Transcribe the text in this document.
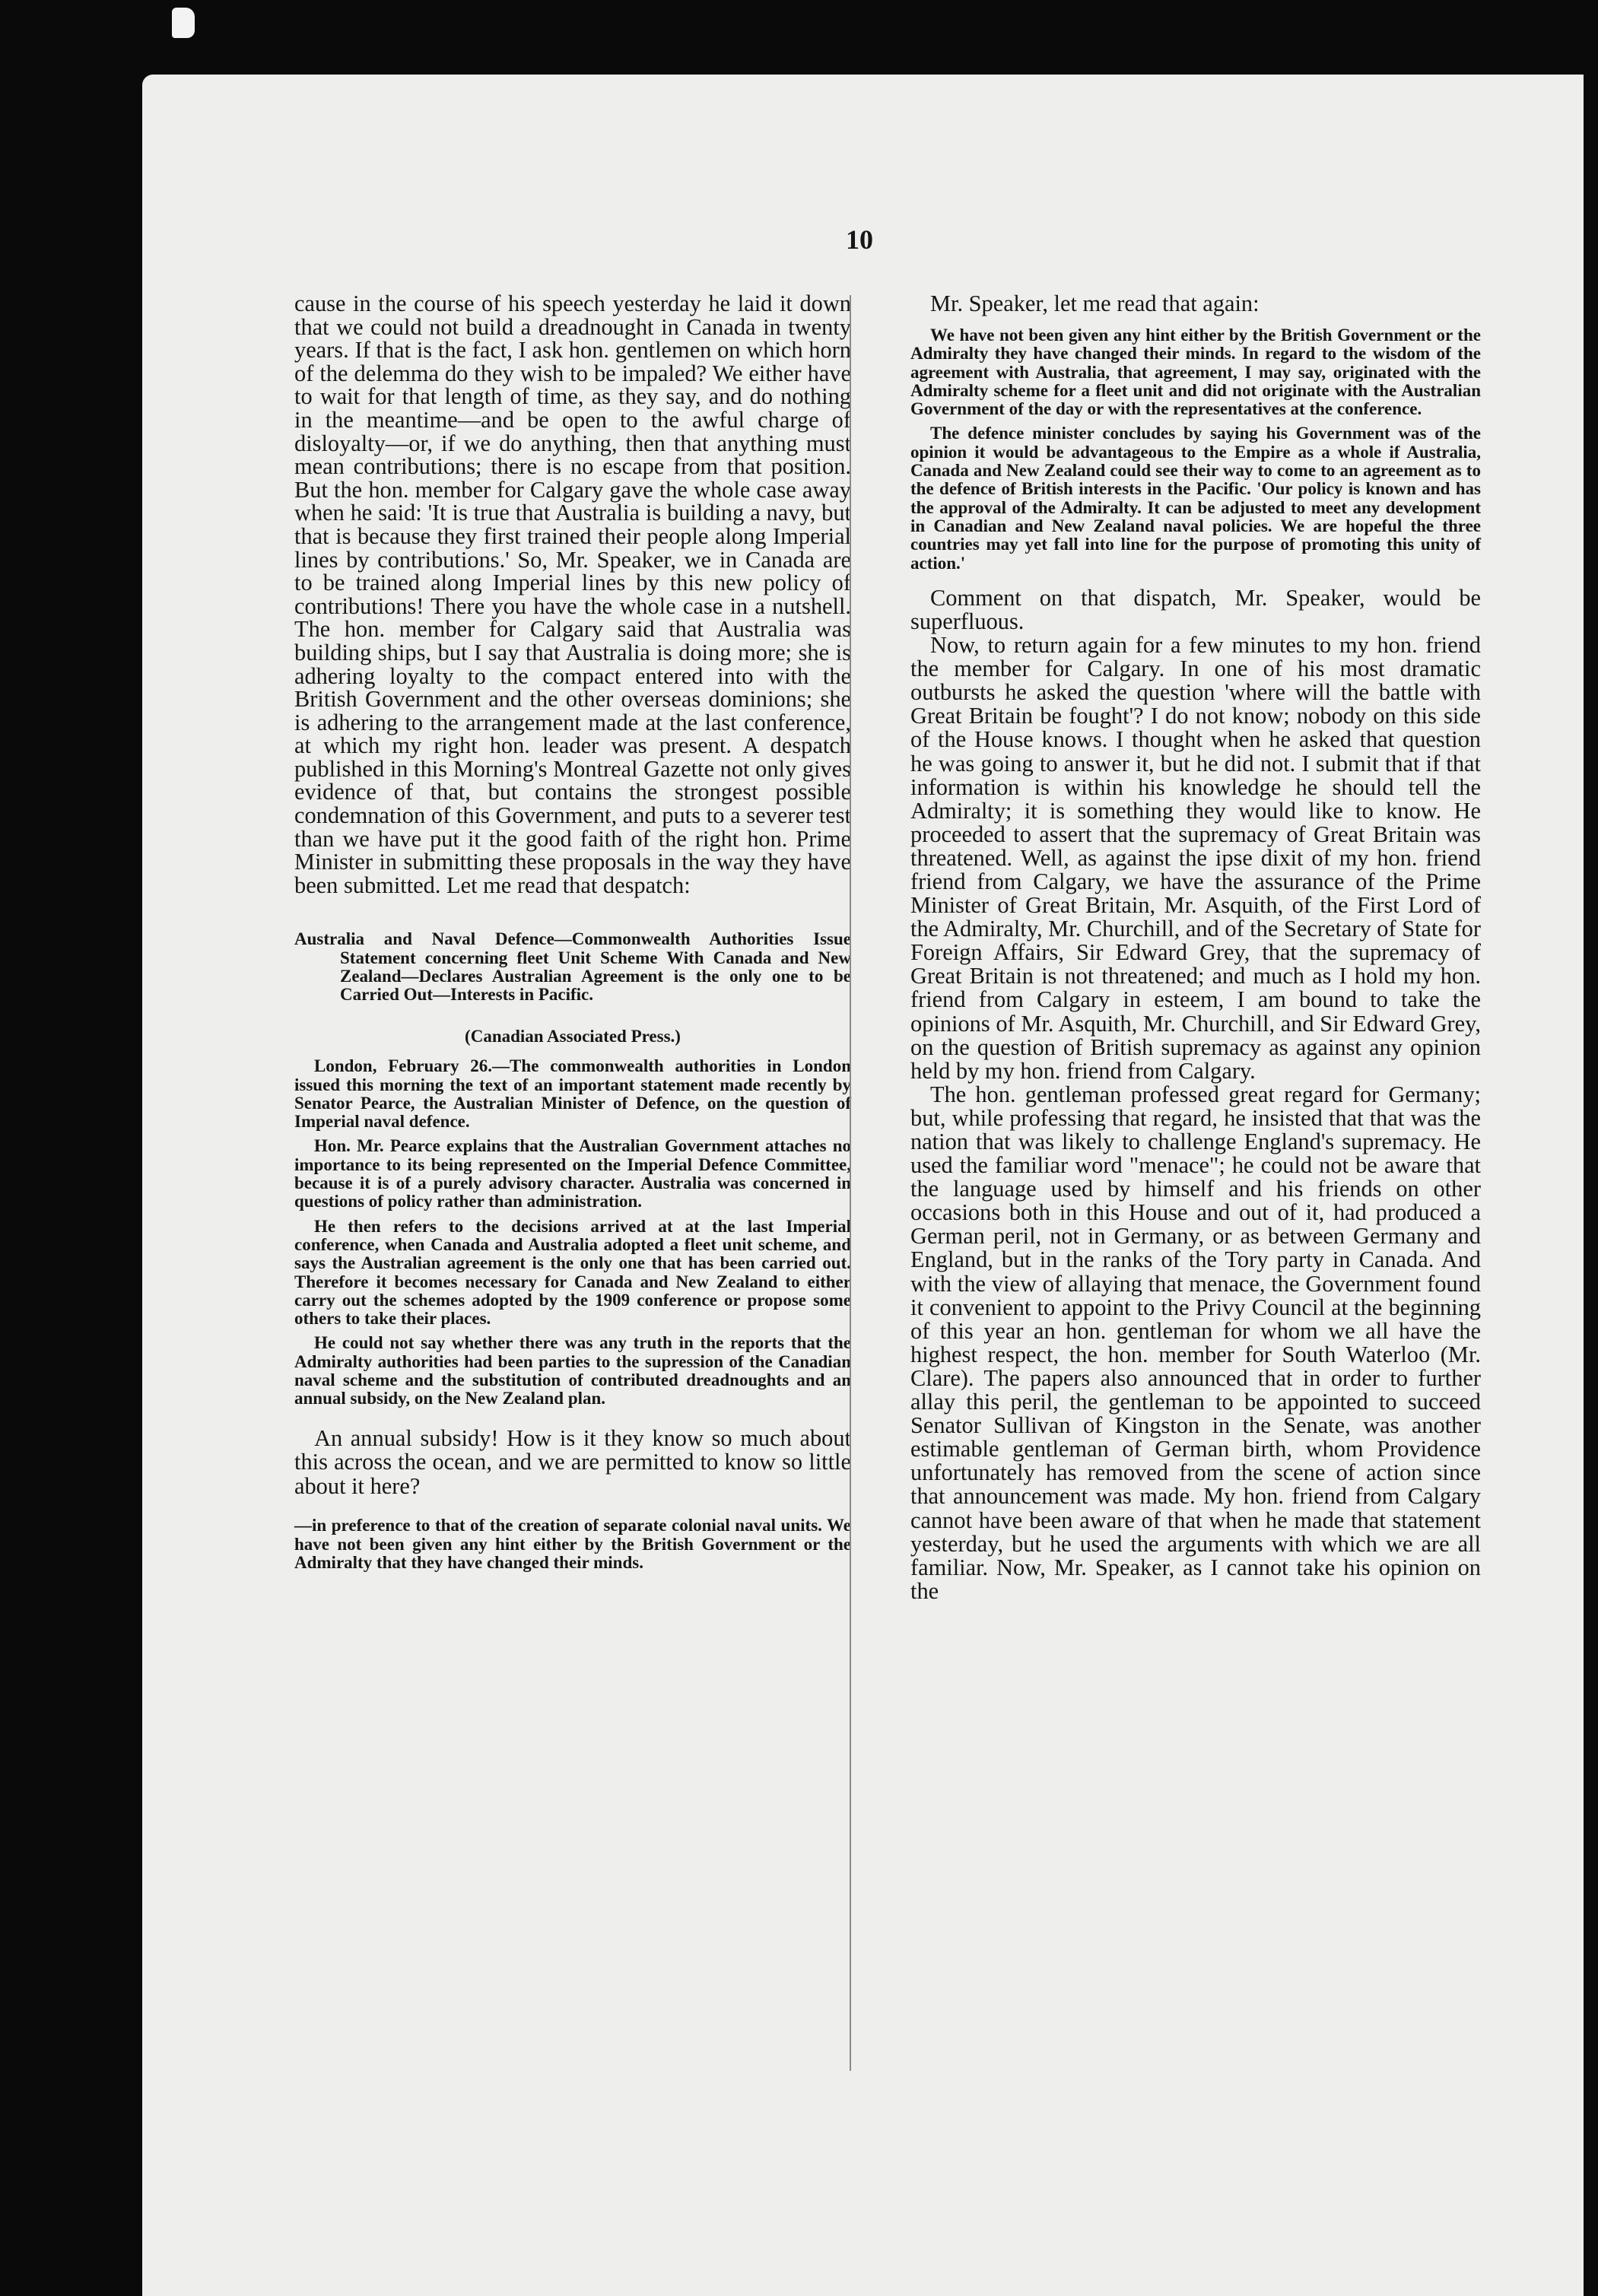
10

cause in the course of his speech yesterday he laid it down that we could not build a dreadnought in Canada in twenty years. If that is the fact, I ask hon. gentlemen on which horn of the delemma do they wish to be impaled? We either have to wait for that length of time, as they say, and do nothing in the meantime—and be open to the awful charge of disloyalty—or, if we do anything, then that anything must mean contributions; there is no escape from that position. But the hon. member for Calgary gave the whole case away when he said: 'It is true that Australia is building a navy, but that is because they first trained their people along Imperial lines by contributions.' So, Mr. Speaker, we in Canada are to be trained along Imperial lines by this new policy of contributions! There you have the whole case in a nutshell. The hon. member for Calgary said that Australia was building ships, but I say that Australia is doing more; she is adhering loyalty to the compact entered into with the British Government and the other overseas dominions; she is adhering to the arrangement made at the last conference, at which my right hon. leader was present. A despatch published in this Morning's Montreal Gazette not only gives evidence of that, but contains the strongest possible condemnation of this Government, and puts to a severer test than we have put it the good faith of the right hon. Prime Minister in submitting these proposals in the way they have been submitted. Let me read that despatch:

Australia and Naval Defence—Commonwealth Authorities Issue Statement concerning fleet Unit Scheme With Canada and New Zealand—Declares Australian Agreement is the only one to be Carried Out—Interests in Pacific.

(Canadian Associated Press.)

London, February 26.—The commonwealth authorities in London issued this morning the text of an important statement made recently by Senator Pearce, the Australian Minister of Defence, on the question of Imperial naval defence.

Hon. Mr. Pearce explains that the Australian Government attaches no importance to its being represented on the Imperial Defence Committee, because it is of a purely advisory character. Australia was concerned in questions of policy rather than administration.

He then refers to the decisions arrived at at the last Imperial conference, when Canada and Australia adopted a fleet unit scheme, and says the Australian agreement is the only one that has been carried out. Therefore it becomes necessary for Canada and New Zealand to either carry out the schemes adopted by the 1909 conference or propose some others to take their places.

He could not say whether there was any truth in the reports that the Admiralty authorities had been parties to the supression of the Canadian naval scheme and the substitution of contributed dreadnoughts and an annual subsidy, on the New Zealand plan.

An annual subsidy! How is it they know so much about this across the ocean, and we are permitted to know so little about it here?

—in preference to that of the creation of separate colonial naval units. We have not been given any hint either by the British Government or the Admiralty that they have changed their minds.

Mr. Speaker, let me read that again:

We have not been given any hint either by the British Government or the Admiralty they have changed their minds. In regard to the wisdom of the agreement with Australia, that agreement, I may say, originated with the Admiralty scheme for a fleet unit and did not originate with the Australian Government of the day or with the representatives at the conference.

The defence minister concludes by saying his Government was of the opinion it would be advantageous to the Empire as a whole if Australia, Canada and New Zealand could see their way to come to an agreement as to the defence of British interests in the Pacific. 'Our policy is known and has the approval of the Admiralty. It can be adjusted to meet any development in Canadian and New Zealand naval policies. We are hopeful the three countries may yet fall into line for the purpose of promoting this unity of action.'

Comment on that dispatch, Mr. Speaker, would be superfluous.

Now, to return again for a few minutes to my hon. friend the member for Calgary. In one of his most dramatic outbursts he asked the question 'where will the battle with Great Britain be fought'? I do not know; nobody on this side of the House knows. I thought when he asked that question he was going to answer it, but he did not. I submit that if that information is within his knowledge he should tell the Admiralty; it is something they would like to know. He proceeded to assert that the supremacy of Great Britain was threatened. Well, as against the ipse dixit of my hon. friend friend from Calgary, we have the assurance of the Prime Minister of Great Britain, Mr. Asquith, of the First Lord of the Admiralty, Mr. Churchill, and of the Secretary of State for Foreign Affairs, Sir Edward Grey, that the supremacy of Great Britain is not threatened; and much as I hold my hon. friend from Calgary in esteem, I am bound to take the opinions of Mr. Asquith, Mr. Churchill, and Sir Edward Grey, on the question of British supremacy as against any opinion held by my hon. friend from Calgary.

The hon. gentleman professed great regard for Germany; but, while professing that regard, he insisted that that was the nation that was likely to challenge England's supremacy. He used the familiar word "menace"; he could not be aware that the language used by himself and his friends on other occasions both in this House and out of it, had produced a German peril, not in Germany, or as between Germany and England, but in the ranks of the Tory party in Canada. And with the view of allaying that menace, the Government found it convenient to appoint to the Privy Council at the beginning of this year an hon. gentleman for whom we all have the highest respect, the hon. member for South Waterloo (Mr. Clare). The papers also announced that in order to further allay this peril, the gentleman to be appointed to succeed Senator Sullivan of Kingston in the Senate, was another estimable gentleman of German birth, whom Providence unfortunately has removed from the scene of action since that announcement was made. My hon. friend from Calgary cannot have been aware of that when he made that statement yesterday, but he used the arguments with which we are all familiar. Now, Mr. Speaker, as I cannot take his opinion on the
